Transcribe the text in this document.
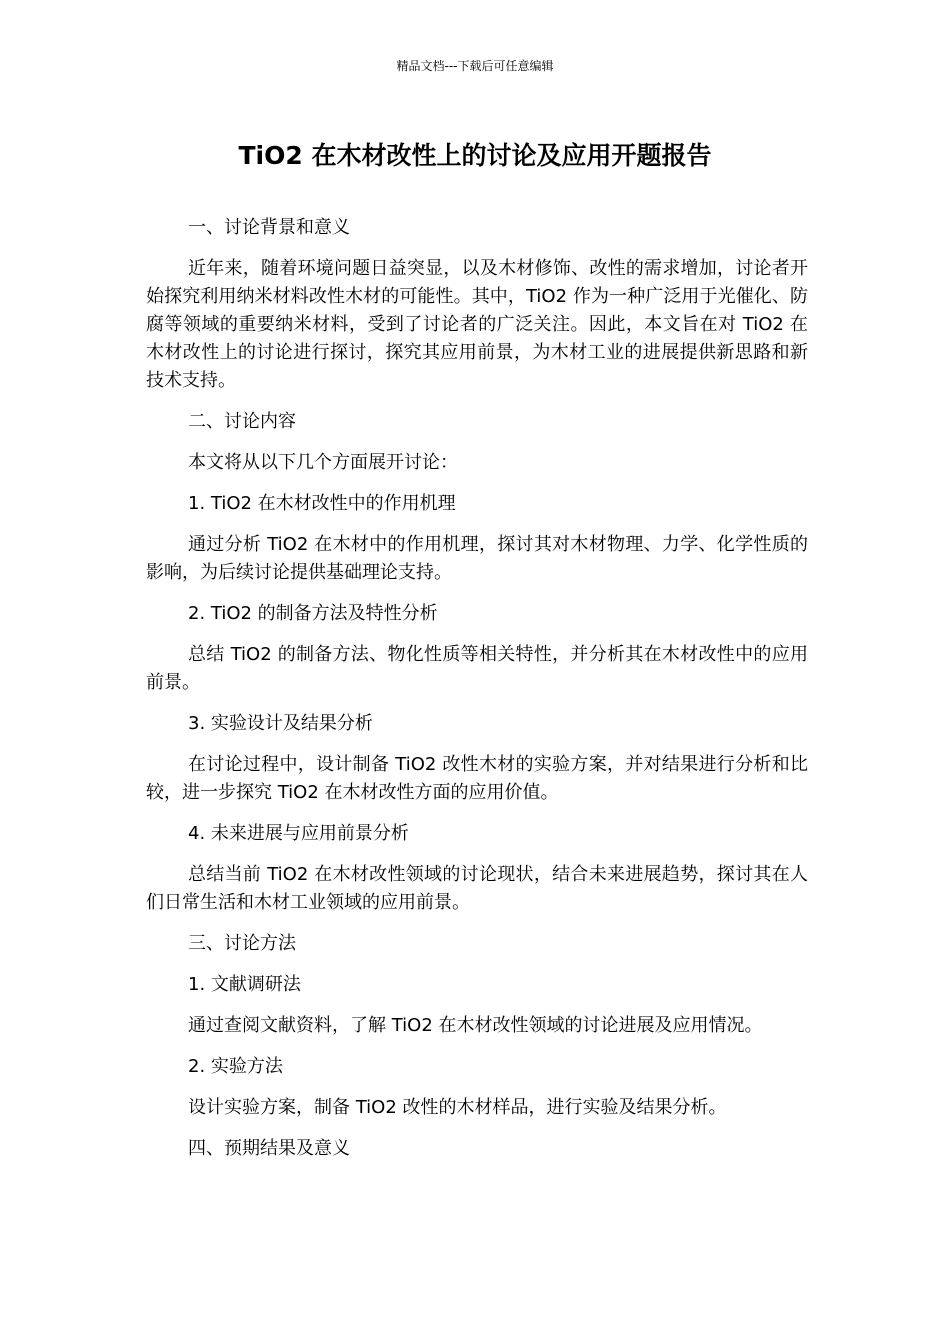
精品文档---下载后可任意编辑
TiO2 在木材改性上的讨论及应用开题报告
一、讨论背景和意义
近年来，随着环境问题日益突显，以及木材修饰、改性的需求增加，讨论者开始探究利用纳米材料改性木材的可能性。其中，TiO2 作为一种广泛用于光催化、防腐等领域的重要纳米材料，受到了讨论者的广泛关注。因此，本文旨在对 TiO2 在木材改性上的讨论进行探讨，探究其应用前景，为木材工业的进展提供新思路和新技术支持。
二、讨论内容
本文将从以下几个方面展开讨论：
1. TiO2 在木材改性中的作用机理
通过分析 TiO2 在木材中的作用机理，探讨其对木材物理、力学、化学性质的影响，为后续讨论提供基础理论支持。
2. TiO2 的制备方法及特性分析
总结 TiO2 的制备方法、物化性质等相关特性，并分析其在木材改性中的应用前景。
3. 实验设计及结果分析
在讨论过程中，设计制备 TiO2 改性木材的实验方案，并对结果进行分析和比较，进一步探究 TiO2 在木材改性方面的应用价值。
4. 未来进展与应用前景分析
总结当前 TiO2 在木材改性领域的讨论现状，结合未来进展趋势，探讨其在人们日常生活和木材工业领域的应用前景。
三、讨论方法
1. 文献调研法
通过查阅文献资料，了解 TiO2 在木材改性领域的讨论进展及应用情况。
2. 实验方法
设计实验方案，制备 TiO2 改性的木材样品，进行实验及结果分析。
四、预期结果及意义
